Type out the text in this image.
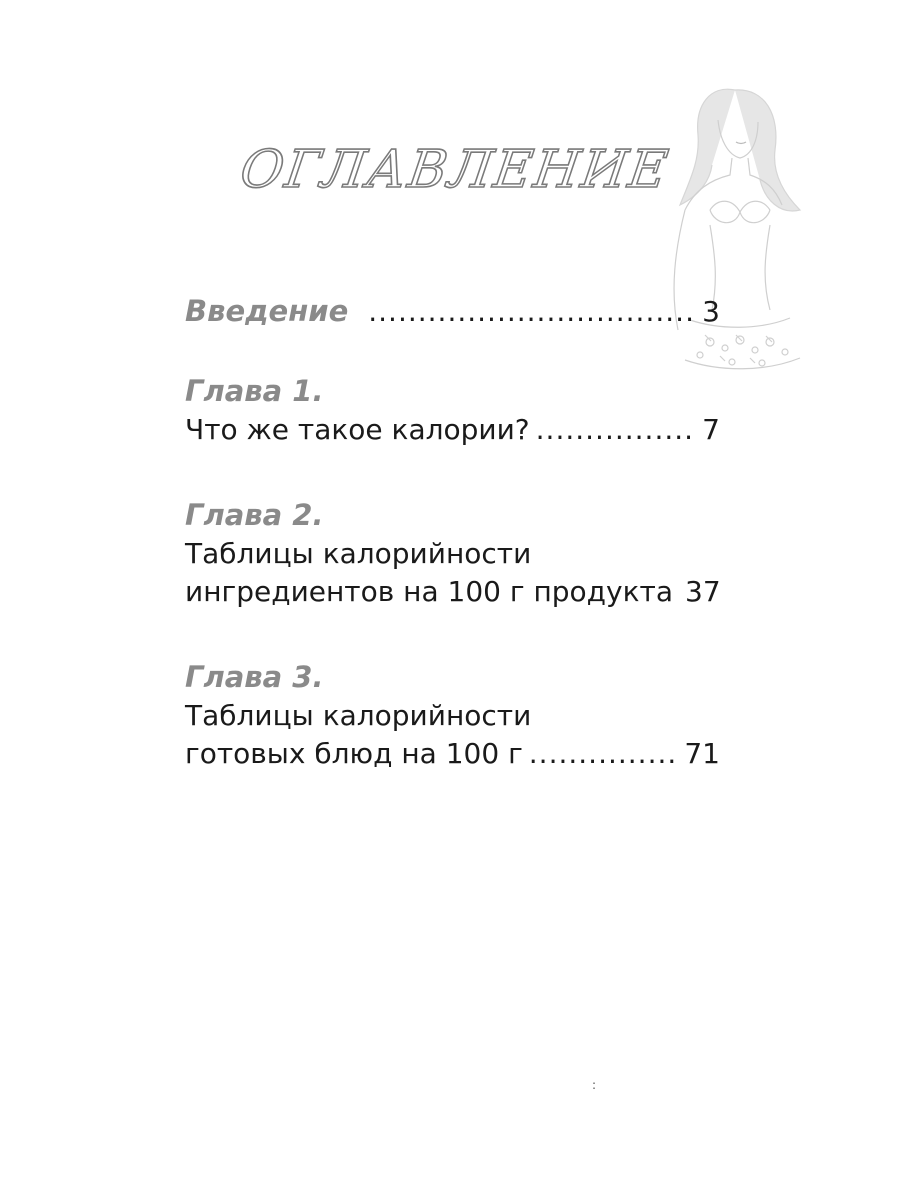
ОГЛАВЛЕНИЕ
Введение .....	3
Глава 1.
Что же такое калории? .....	7
Глава 2.
Таблицы калорийности
ингредиентов на 100 г продукта 37
Глава 3.
Таблицы калорийности
готовых блюд на 100 г .....	71
:
